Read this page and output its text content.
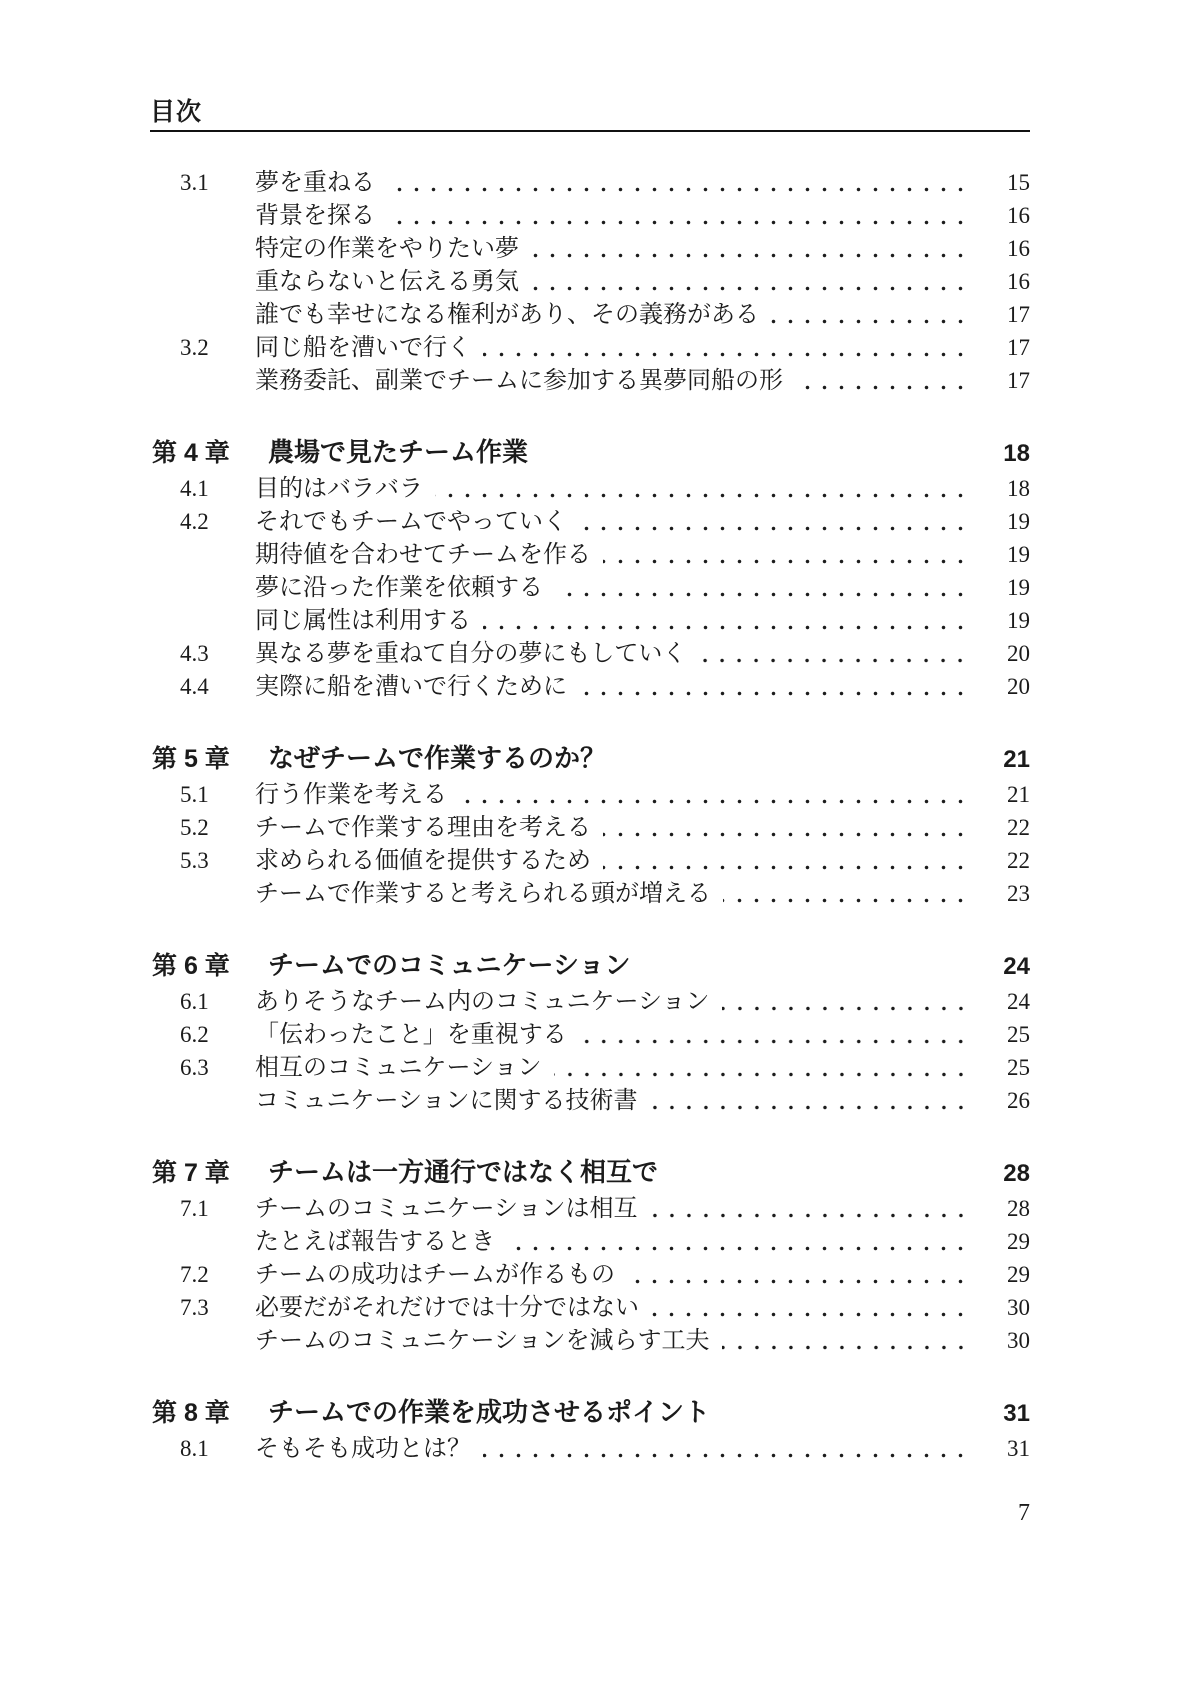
目次
3.1	夢を重ねる	15
背景を探る	16
特定の作業をやりたい夢	16
重ならないと伝える勇気	16
誰でも幸せになる権利があり、その義務がある	17
3.2	同じ船を漕いで行く	17
業務委託、副業でチームに参加する異夢同船の形	17
第 4 章	農場で見たチーム作業	18
4.1	目的はバラバラ	18
4.2	それでもチームでやっていく	19
期待値を合わせてチームを作る	19
夢に沿った作業を依頼する	19
同じ属性は利用する	19
4.3	異なる夢を重ねて自分の夢にもしていく	20
4.4	実際に船を漕いで行くために	20
第 5 章	なぜチームで作業するのか？	21
5.1	行う作業を考える	21
5.2	チームで作業する理由を考える	22
5.3	求められる価値を提供するため	22
チームで作業すると考えられる頭が増える	23
第 6 章	チームでのコミュニケーション	24
6.1	ありそうなチーム内のコミュニケーション	24
6.2	「伝わったこと」を重視する	25
6.3	相互のコミュニケーション	25
コミュニケーションに関する技術書	26
第 7 章	チームは一方通行ではなく相互で	28
7.1	チームのコミュニケーションは相互	28
たとえば報告するとき	29
7.2	チームの成功はチームが作るもの	29
7.3	必要だがそれだけでは十分ではない	30
チームのコミュニケーションを減らす工夫	30
第 8 章	チームでの作業を成功させるポイント	31
8.1	そもそも成功とは？	31
7
